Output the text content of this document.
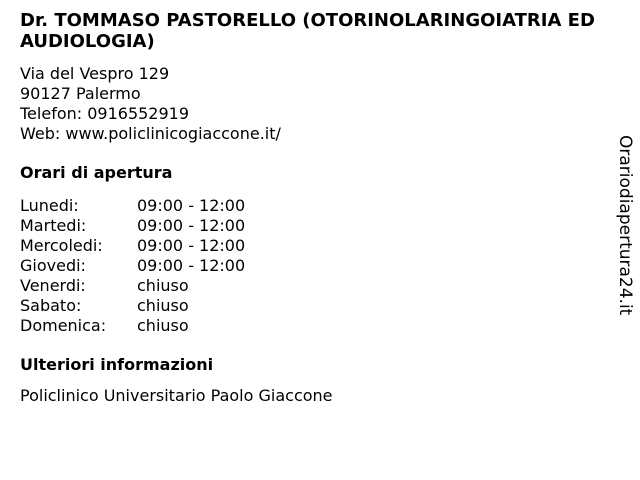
Dr. TOMMASO PASTORELLO (OTORINOLARINGOIATRIA ED AUDIOLOGIA)
Via del Vespro 129
90127 Palermo
Telefon: 0916552919
Web: www.policlinicogiaccone.it/
Orari di apertura
Lunedi:	09:00 - 12:00
Martedi:	09:00 - 12:00
Mercoledi: 09:00 - 12:00
Giovedi:	09:00 - 12:00
Venerdi:	chiuso
Sabato:	chiuso
Domenica: chiuso
Ulteriori informazioni
Policlinico Universitario Paolo Giaccone
Orariodiapertura24.it
